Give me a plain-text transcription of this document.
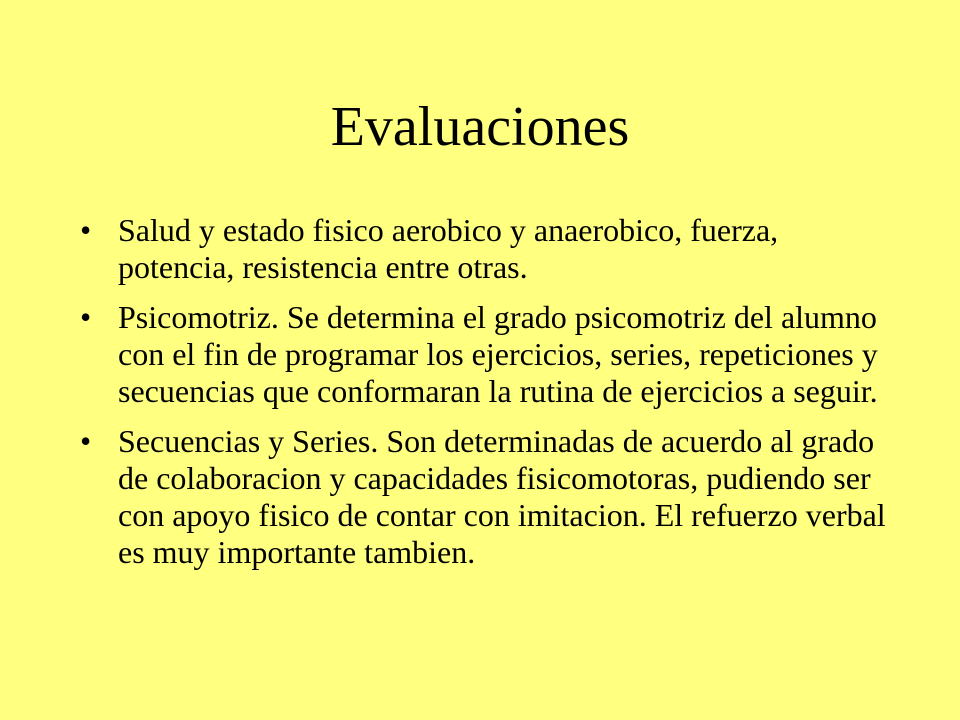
Evaluaciones
• Salud y estado fisico aerobico y anaerobico, fuerza, potencia, resistencia entre otras.
• Psicomotriz. Se determina el grado psicomotriz del alumno con el fin de programar los ejercicios, series, repeticiones y secuencias que conformaran la rutina de ejercicios a seguir.
• Secuencias y Series. Son determinadas de acuerdo al grado de colaboracion y capacidades fisicomotoras, pudiendo ser con apoyo fisico de contar con imitacion. El refuerzo verbal es muy importante tambien.
